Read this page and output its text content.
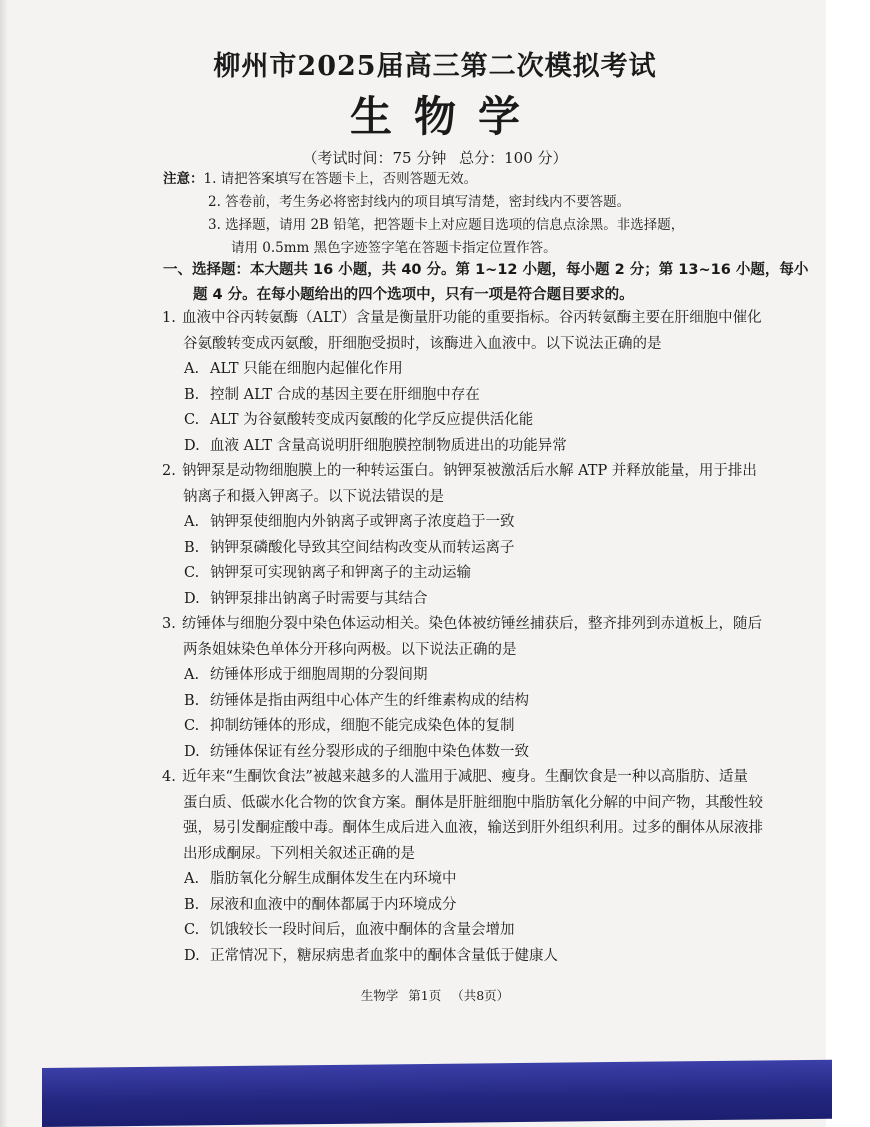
柳州市2025届高三第二次模拟考试
生物学
（考试时间：75 分钟 总分：100 分）
注意：1. 请把答案填写在答题卡上，否则答题无效。
2. 答卷前，考生务必将密封线内的项目填写清楚，密封线内不要答题。
3. 选择题，请用 2B 铅笔，把答题卡上对应题目选项的信息点涂黑。非选择题，
请用 0.5mm 黑色字迹签字笔在答题卡指定位置作答。
一、选择题：本大题共 16 小题，共 40 分。第 1~12 小题，每小题 2 分；第 13~16 小题，每小
题 4 分。在每小题给出的四个选项中，只有一项是符合题目要求的。
1. 血液中谷丙转氨酶（ALT）含量是衡量肝功能的重要指标。谷丙转氨酶主要在肝细胞中催化
谷氨酸转变成丙氨酸，肝细胞受损时，该酶进入血液中。以下说法正确的是
A. ALT 只能在细胞内起催化作用
B. 控制 ALT 合成的基因主要在肝细胞中存在
C. ALT 为谷氨酸转变成丙氨酸的化学反应提供活化能
D. 血液 ALT 含量高说明肝细胞膜控制物质进出的功能异常
2. 钠钾泵是动物细胞膜上的一种转运蛋白。钠钾泵被激活后水解 ATP 并释放能量，用于排出
钠离子和摄入钾离子。以下说法错误的是
A. 钠钾泵使细胞内外钠离子或钾离子浓度趋于一致
B. 钠钾泵磷酸化导致其空间结构改变从而转运离子
C. 钠钾泵可实现钠离子和钾离子的主动运输
D. 钠钾泵排出钠离子时需要与其结合
3. 纺锤体与细胞分裂中染色体运动相关。染色体被纺锤丝捕获后，整齐排列到赤道板上，随后
两条姐妹染色单体分开移向两极。以下说法正确的是
A. 纺锤体形成于细胞周期的分裂间期
B. 纺锤体是指由两组中心体产生的纤维素构成的结构
C. 抑制纺锤体的形成，细胞不能完成染色体的复制
D. 纺锤体保证有丝分裂形成的子细胞中染色体数一致
4. 近年来“生酮饮食法”被越来越多的人滥用于减肥、瘦身。生酮饮食是一种以高脂肪、适量
蛋白质、低碳水化合物的饮食方案。酮体是肝脏细胞中脂肪氧化分解的中间产物，其酸性较
强，易引发酮症酸中毒。酮体生成后进入血液，输送到肝外组织利用。过多的酮体从尿液排
出形成酮尿。下列相关叙述正确的是
A. 脂肪氧化分解生成酮体发生在内环境中
B. 尿液和血液中的酮体都属于内环境成分
C. 饥饿较长一段时间后，血液中酮体的含量会增加
D. 正常情况下，糖尿病患者血浆中的酮体含量低于健康人
生物学 第1页 （共8页）
